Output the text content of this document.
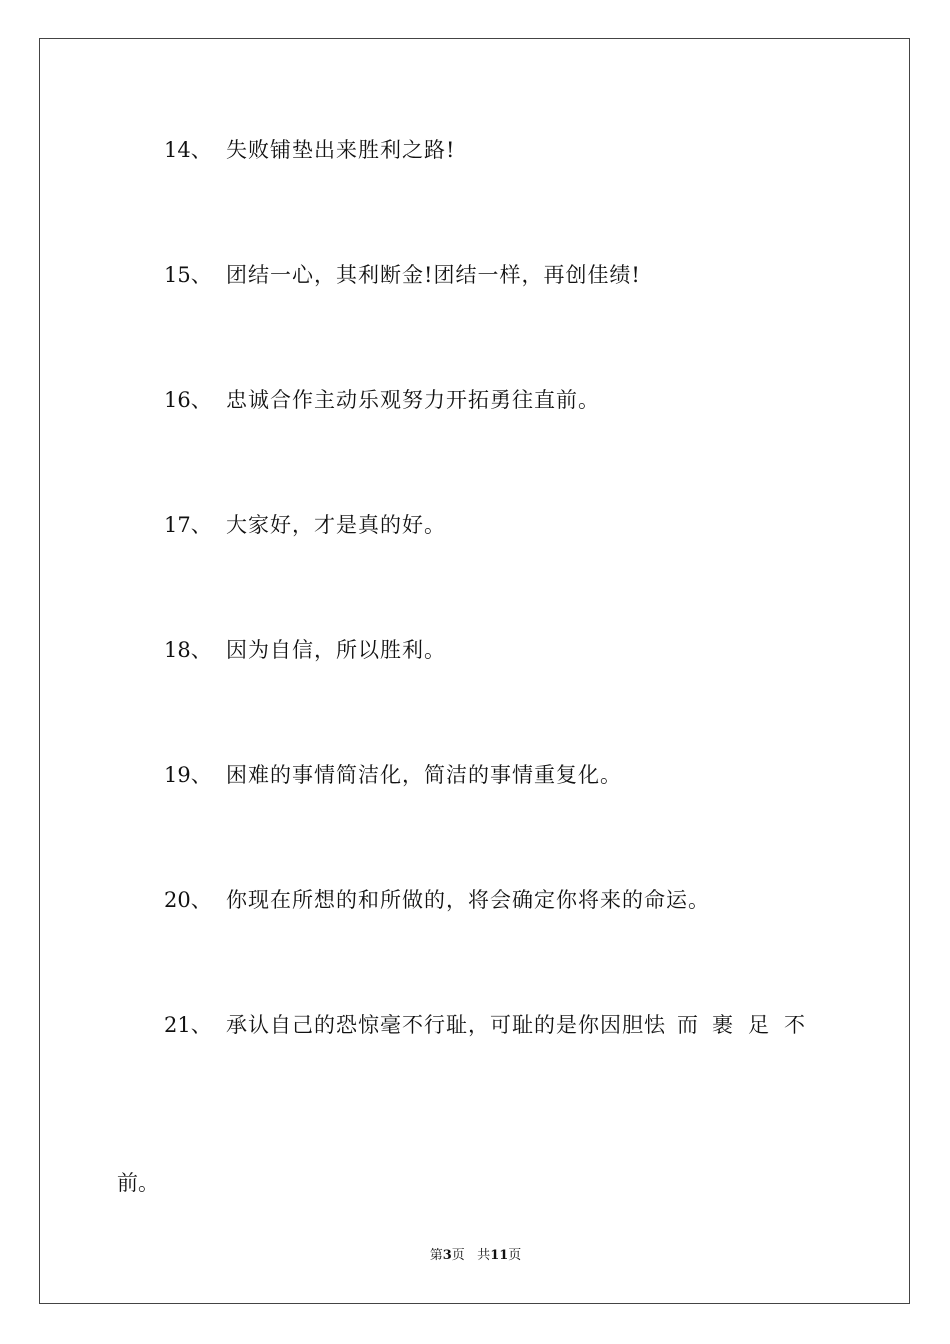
14、 失败铺垫出来胜利之路!
15、 团结一心，其利断金!团结一样，再创佳绩!
16、 忠诚合作主动乐观努力开拓勇往直前。
17、 大家好，才是真的好。
18、 因为自信，所以胜利。
19、 困难的事情简洁化，简洁的事情重复化。
20、 你现在所想的和所做的，将会确定你将来的命运。
21、 承认自己的恐惊毫不行耻，可耻的是你因胆怯 而 裹 足 不
前。
第3页 共11页
